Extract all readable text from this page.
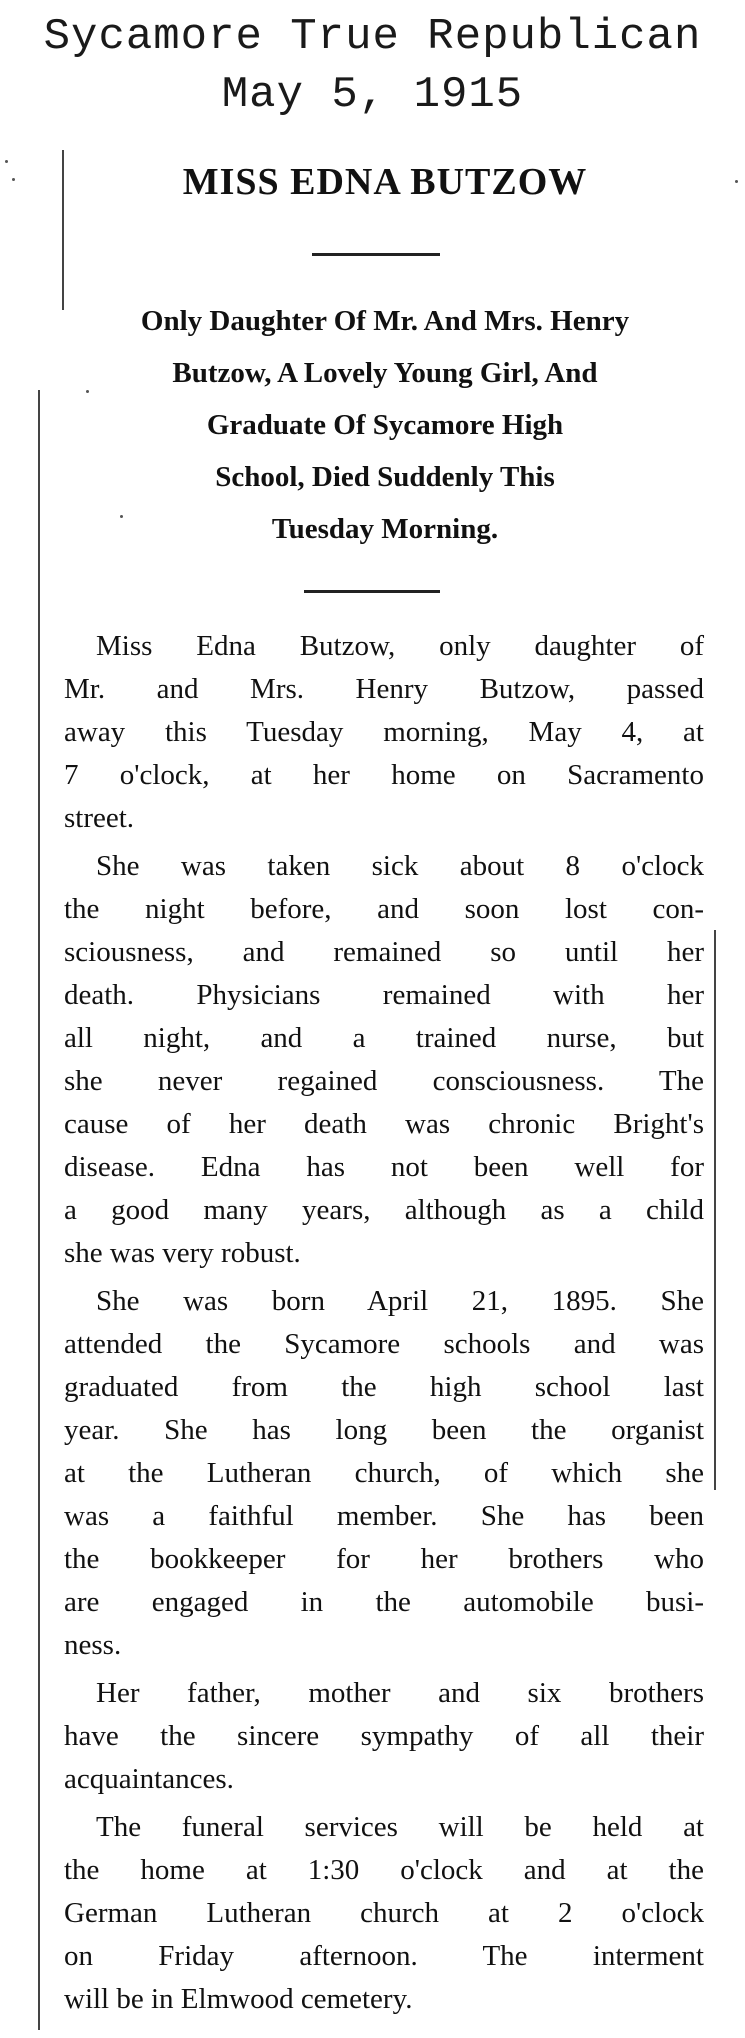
Sycamore True Republican
May 5, 1915
MISS EDNA BUTZOW
Only Daughter Of Mr. And Mrs. Henry
Butzow, A Lovely Young Girl, And
Graduate Of Sycamore High
School, Died Suddenly This
Tuesday Morning.

Miss Edna Butzow, only daughter of
Mr. and Mrs. Henry Butzow, passed
away this Tuesday morning, May 4, at
7 o'clock, at her home on Sacramento
street.

She was taken sick about 8 o'clock
the night before, and soon lost con-
sciousness, and remained so until her
death. Physicians remained with her
all night, and a trained nurse, but
she never regained consciousness. The
cause of her death was chronic Bright's
disease. Edna has not been well for
a good many years, although as a child
she was very robust.

She was born April 21, 1895. She
attended the Sycamore schools and was
graduated from the high school last
year. She has long been the organist
at the Lutheran church, of which she
was a faithful member. She has been
the bookkeeper for her brothers who
are engaged in the automobile busi-
ness.

Her father, mother and six brothers
have the sincere sympathy of all their
acquaintances.

The funeral services will be held at
the home at 1:30 o'clock and at the
German Lutheran church at 2 o'clock
on Friday afternoon. The interment
will be in Elmwood cemetery.
